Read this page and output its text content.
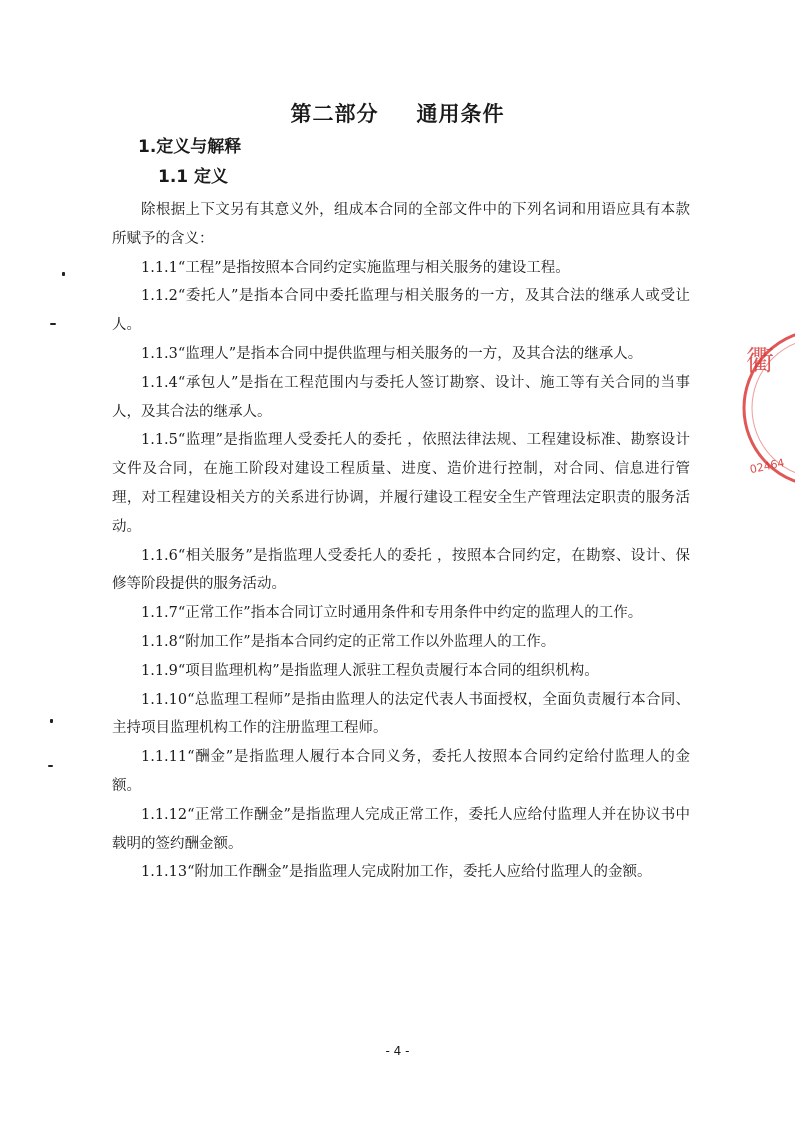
第二部分 通用条件
1.定义与解释
1.1 定义

除根据上下文另有其意义外，组成本合同的全部文件中的下列名词和用语应具有本款所赋予的含义：

1.1.1“工程”是指按照本合同约定实施监理与相关服务的建设工程。

1.1.2“委托人”是指本合同中委托监理与相关服务的一方，及其合法的继承人或受让人。

1.1.3“监理人”是指本合同中提供监理与相关服务的一方，及其合法的继承人。

1.1.4“承包人”是指在工程范围内与委托人签订勘察、设计、施工等有关合同的当事人，及其合法的继承人。

1.1.5“监理”是指监理人受委托人的委托 ，依照法律法规、工程建设标准、勘察设计文件及合同，在施工阶段对建设工程质量、进度、造价进行控制，对合同、信息进行管理，对工程建设相关方的关系进行协调，并履行建设工程安全生产管理法定职责的服务活动。

1.1.6“相关服务”是指监理人受委托人的委托 ，按照本合同约定，在勘察、设计、保修等阶段提供的服务活动。

1.1.7“正常工作”指本合同订立时通用条件和专用条件中约定的监理人的工作。

1.1.8“附加工作”是指本合同约定的正常工作以外监理人的工作。

1.1.9“项目监理机构”是指监理人派驻工程负责履行本合同的组织机构。

1.1.10“总监理工程师”是指由监理人的法定代表人书面授权，全面负责履行本合同、主持项目监理机构工作的注册监理工程师。

1.1.11“酬金”是指监理人履行本合同义务，委托人按照本合同约定给付监理人的金额。

1.1.12“正常工作酬金”是指监理人完成正常工作，委托人应给付监理人并在协议书中载明的签约酬金额。

1.1.13“附加工作酬金”是指监理人完成附加工作，委托人应给付监理人的金额。

- 4 -
衢
02464
